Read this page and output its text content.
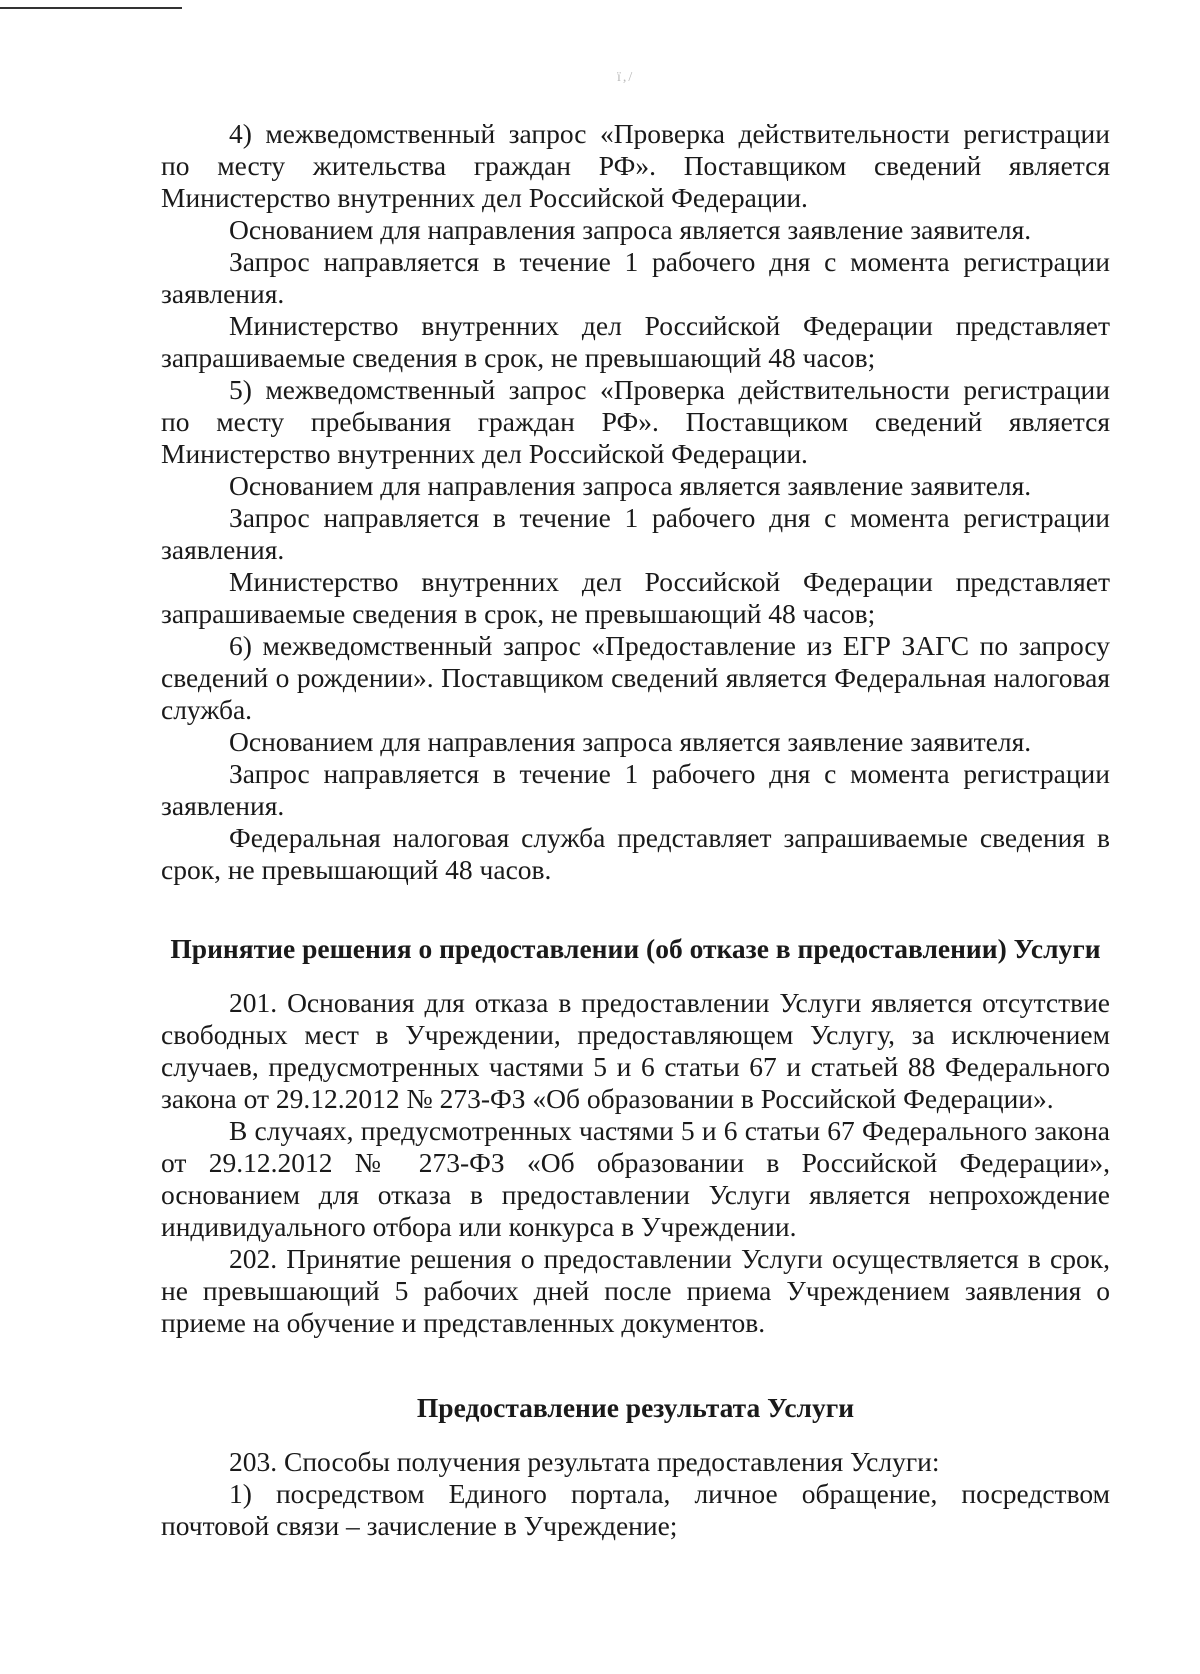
ї,/

4) межведомственный запрос «Проверка действительности регистрации по месту жительства граждан РФ». Поставщиком сведений является Министерство внутренних дел Российской Федерации.

Основанием для направления запроса является заявление заявителя.

Запрос направляется в течение 1 рабочего дня с момента регистрации заявления.

Министерство внутренних дел Российской Федерации представляет запрашиваемые сведения в срок, не превышающий 48 часов;

5) межведомственный запрос «Проверка действительности регистрации по месту пребывания граждан РФ». Поставщиком сведений является Министерство внутренних дел Российской Федерации.

Основанием для направления запроса является заявление заявителя.

Запрос направляется в течение 1 рабочего дня с момента регистрации заявления.

Министерство внутренних дел Российской Федерации представляет запрашиваемые сведения в срок, не превышающий 48 часов;

6) межведомственный запрос «Предоставление из ЕГР ЗАГС по запросу сведений о рождении». Поставщиком сведений является Федеральная налоговая служба.

Основанием для направления запроса является заявление заявителя.

Запрос направляется в течение 1 рабочего дня с момента регистрации заявления.

Федеральная налоговая служба представляет запрашиваемые сведения в срок, не превышающий 48 часов.

Принятие решения о предоставлении (об отказе в предоставлении) Услуги

201. Основания для отказа в предоставлении Услуги является отсутствие свободных мест в Учреждении, предоставляющем Услугу, за исключением случаев, предусмотренных частями 5 и 6 статьи 67 и статьей 88 Федерального закона от 29.12.2012 № 273-ФЗ «Об образовании в Российской Федерации».

В случаях, предусмотренных частями 5 и 6 статьи 67 Федерального закона от 29.12.2012 № 273-ФЗ «Об образовании в Российской Федерации», основанием для отказа в предоставлении Услуги является непрохождение индивидуального отбора или конкурса в Учреждении.

202. Принятие решения о предоставлении Услуги осуществляется в срок, не превышающий 5 рабочих дней после приема Учреждением заявления о приеме на обучение и представленных документов.

Предоставление результата Услуги

203. Способы получения результата предоставления Услуги:

1) посредством Единого портала, личное обращение, посредством почтовой связи – зачисление в Учреждение;
